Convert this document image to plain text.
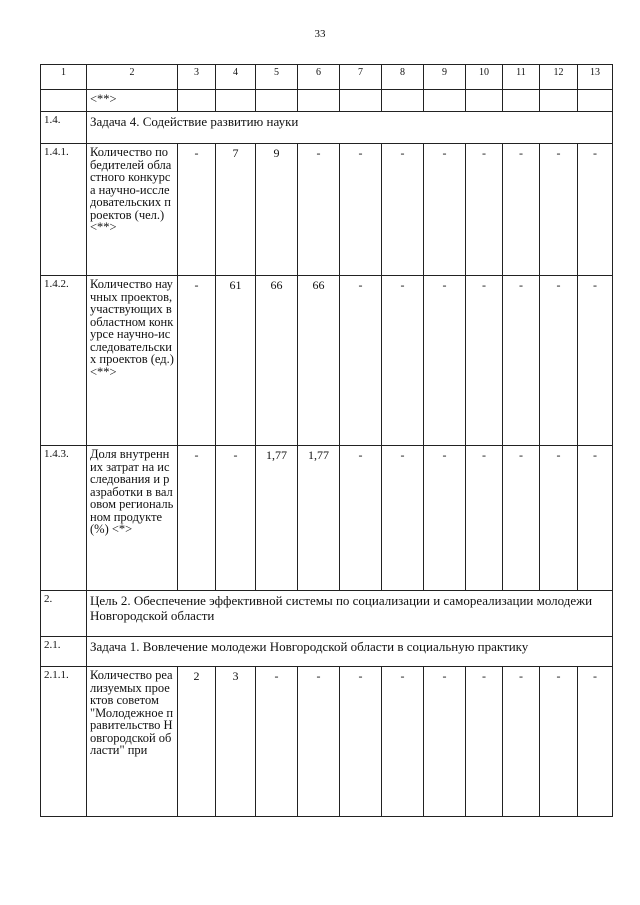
33
1	2	3	4	5	6	7	8	9	10	11	12	13
	<**>											
1.4.	Задача 4. Содействие развитию науки											
1.4.1.	Количество победителей областного конкурса научно-исследовательских проектов (чел.) <**>	-	7	9	-	-	-	-	-	-	-	-
1.4.2.	Количество научных проектов, участвующих в областном конкурсе научно-исследовательских проектов (ед.) <**>	-	61	66	66	-	-	-	-	-	-	-
1.4.3.	Доля внутренних затрат на исследования и разработки в валовом региональном продукте (%) <*>	-	-	1,77	1,77	-	-	-	-	-	-	-
2.	Цель 2. Обеспечение эффективной системы по социализации и самореализации молодежи Новгородской области											
2.1.	Задача 1. Вовлечение молодежи Новгородской области в социальную практику											
2.1.1.	Количество реализуемых проектов советом "Молодежное правительство Новгородской области" при	2	3	-	-	-	-	-	-	-	-	-
